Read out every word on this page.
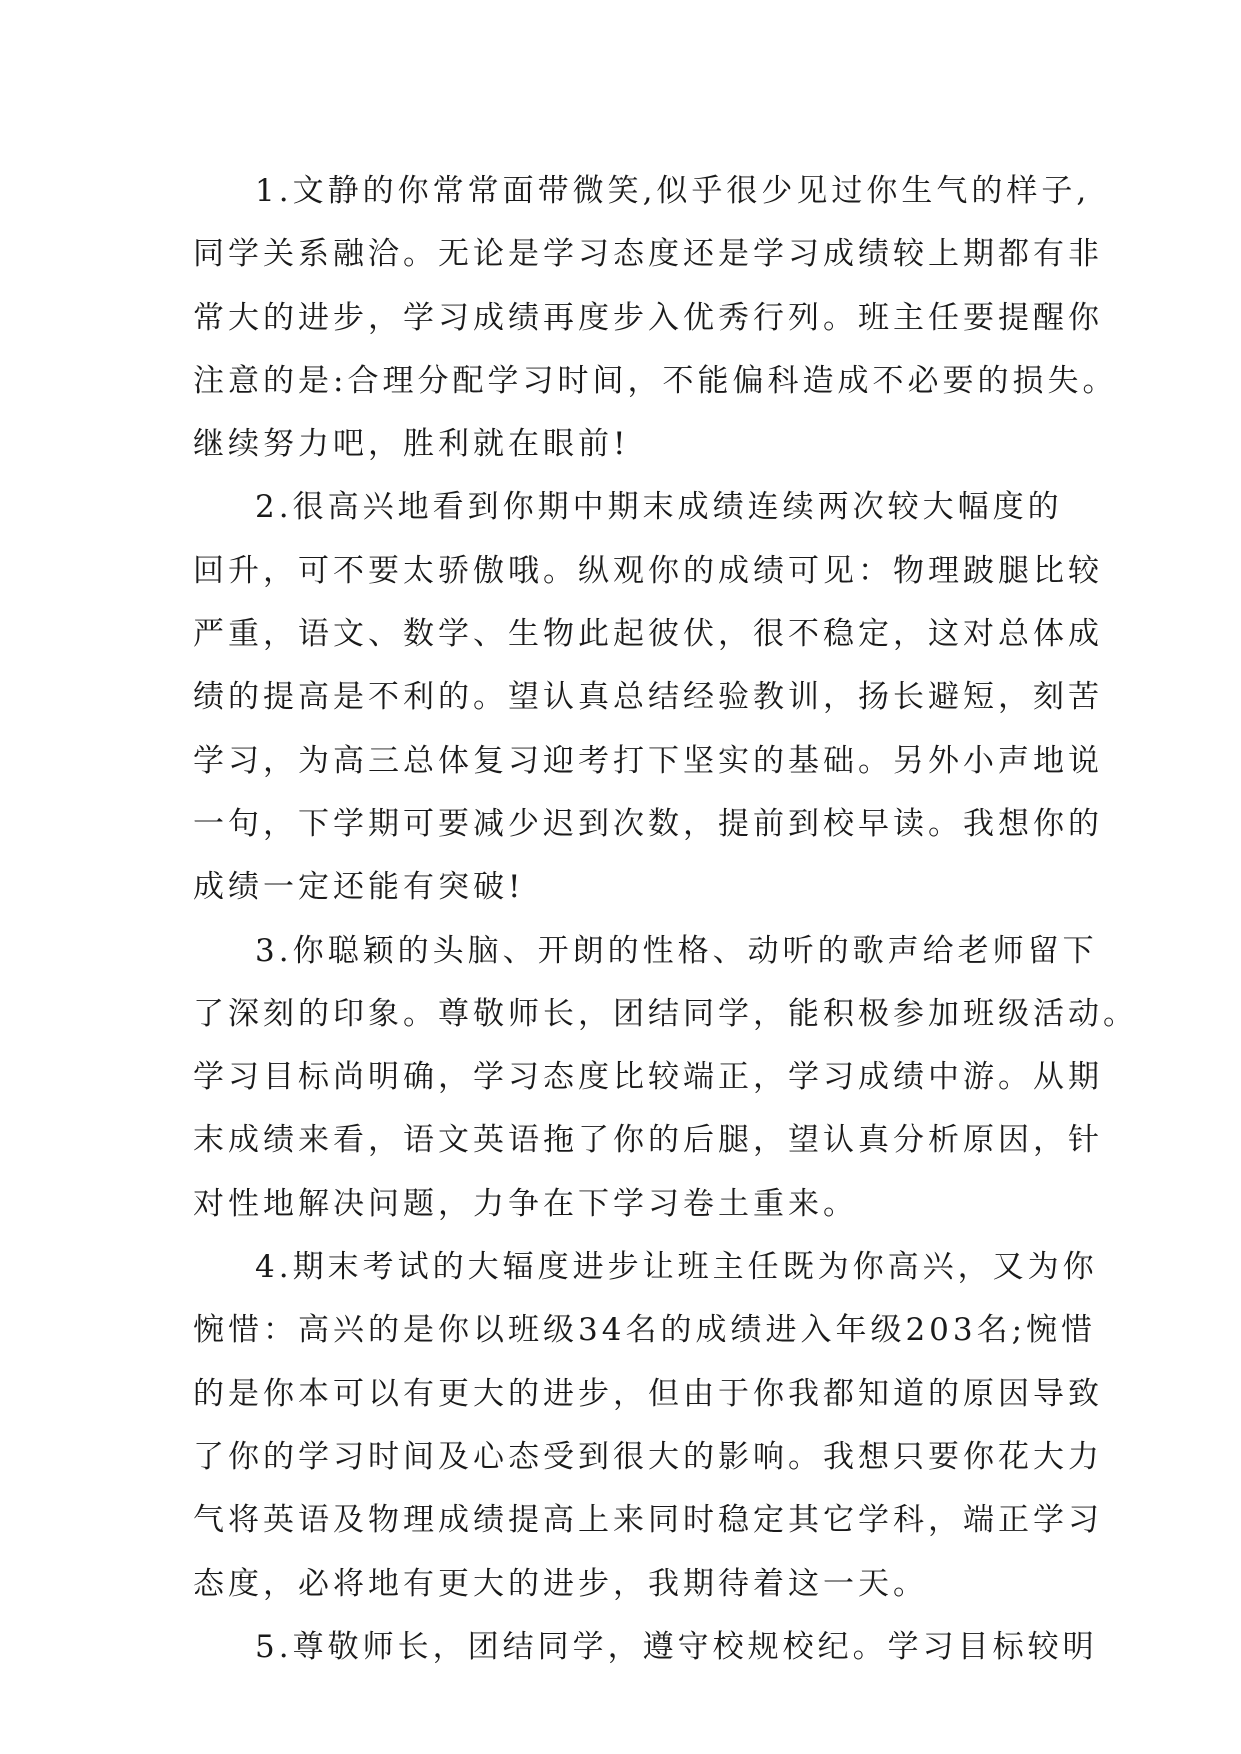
1.文静的你常常面带微笑,似乎很少见过你生气的样子,
同学关系融洽。无论是学习态度还是学习成绩较上期都有非
常大的进步，学习成绩再度步入优秀行列。班主任要提醒你
注意的是:合理分配学习时间，不能偏科造成不必要的损失。
继续努力吧，胜利就在眼前!
2.很高兴地看到你期中期末成绩连续两次较大幅度的
回升，可不要太骄傲哦。纵观你的成绩可见：物理跛腿比较
严重，语文、数学、生物此起彼伏，很不稳定，这对总体成
绩的提高是不利的。望认真总结经验教训，扬长避短，刻苦
学习，为高三总体复习迎考打下坚实的基础。另外小声地说
一句，下学期可要减少迟到次数，提前到校早读。我想你的
成绩一定还能有突破!
3.你聪颖的头脑、开朗的性格、动听的歌声给老师留下
了深刻的印象。尊敬师长，团结同学，能积极参加班级活动。
学习目标尚明确，学习态度比较端正，学习成绩中游。从期
末成绩来看，语文英语拖了你的后腿，望认真分析原因，针
对性地解决问题，力争在下学习卷土重来。
4.期末考试的大辐度进步让班主任既为你高兴，又为你
惋惜：高兴的是你以班级34名的成绩进入年级203名;惋惜
的是你本可以有更大的进步，但由于你我都知道的原因导致
了你的学习时间及心态受到很大的影响。我想只要你花大力
气将英语及物理成绩提高上来同时稳定其它学科，端正学习
态度，必将地有更大的进步，我期待着这一天。
5.尊敬师长，团结同学，遵守校规校纪。学习目标较明
